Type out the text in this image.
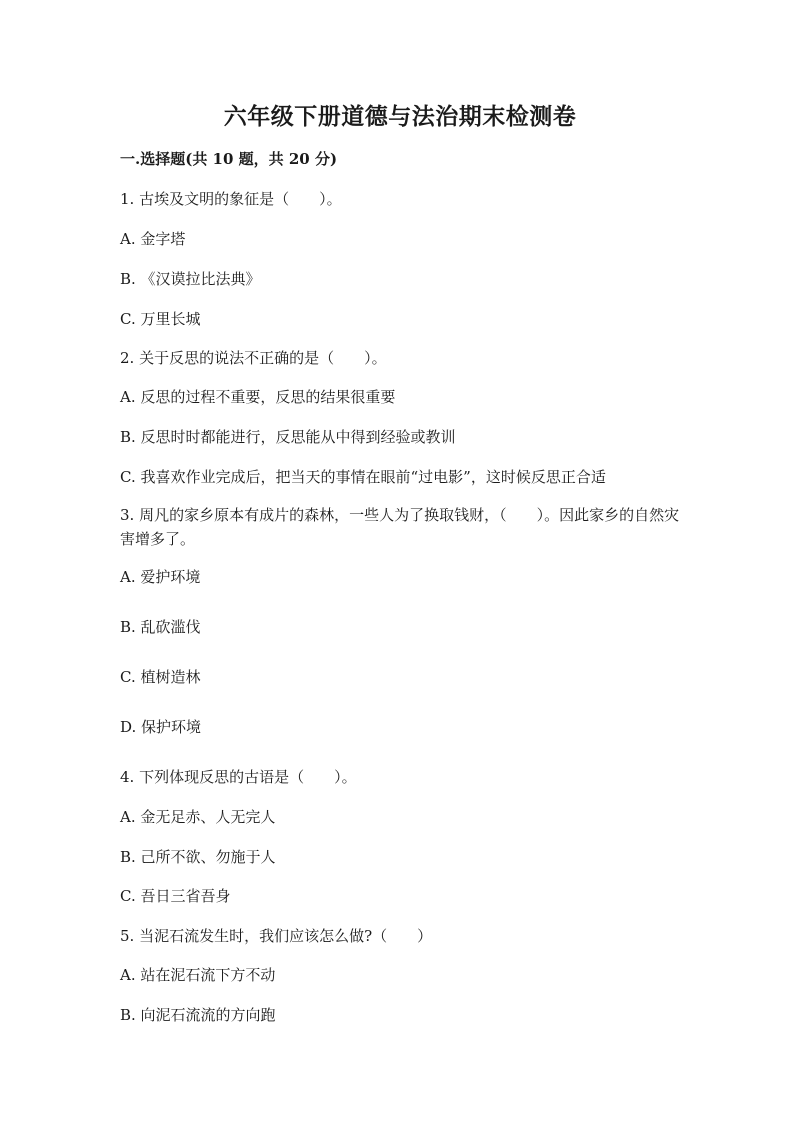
六年级下册道德与法治期末检测卷
一.选择题(共 10 题，共 20 分)
1. 古埃及文明的象征是（　　）。
A. 金字塔
B. 《汉谟拉比法典》
C. 万里长城
2. 关于反思的说法不正确的是（　　）。
A. 反思的过程不重要，反思的结果很重要
B. 反思时时都能进行，反思能从中得到经验或教训
C. 我喜欢作业完成后，把当天的事情在眼前“过电影”，这时候反思正合适
3. 周凡的家乡原本有成片的森林，一些人为了换取钱财，（　　）。因此家乡的自然灾害增多了。
A. 爱护环境
B. 乱砍滥伐
C. 植树造林
D. 保护环境
4. 下列体现反思的古语是（　　）。
A. 金无足赤、人无完人
B. 己所不欲、勿施于人
C. 吾日三省吾身
5. 当泥石流发生时，我们应该怎么做?（　　）
A. 站在泥石流下方不动
B. 向泥石流流的方向跑
